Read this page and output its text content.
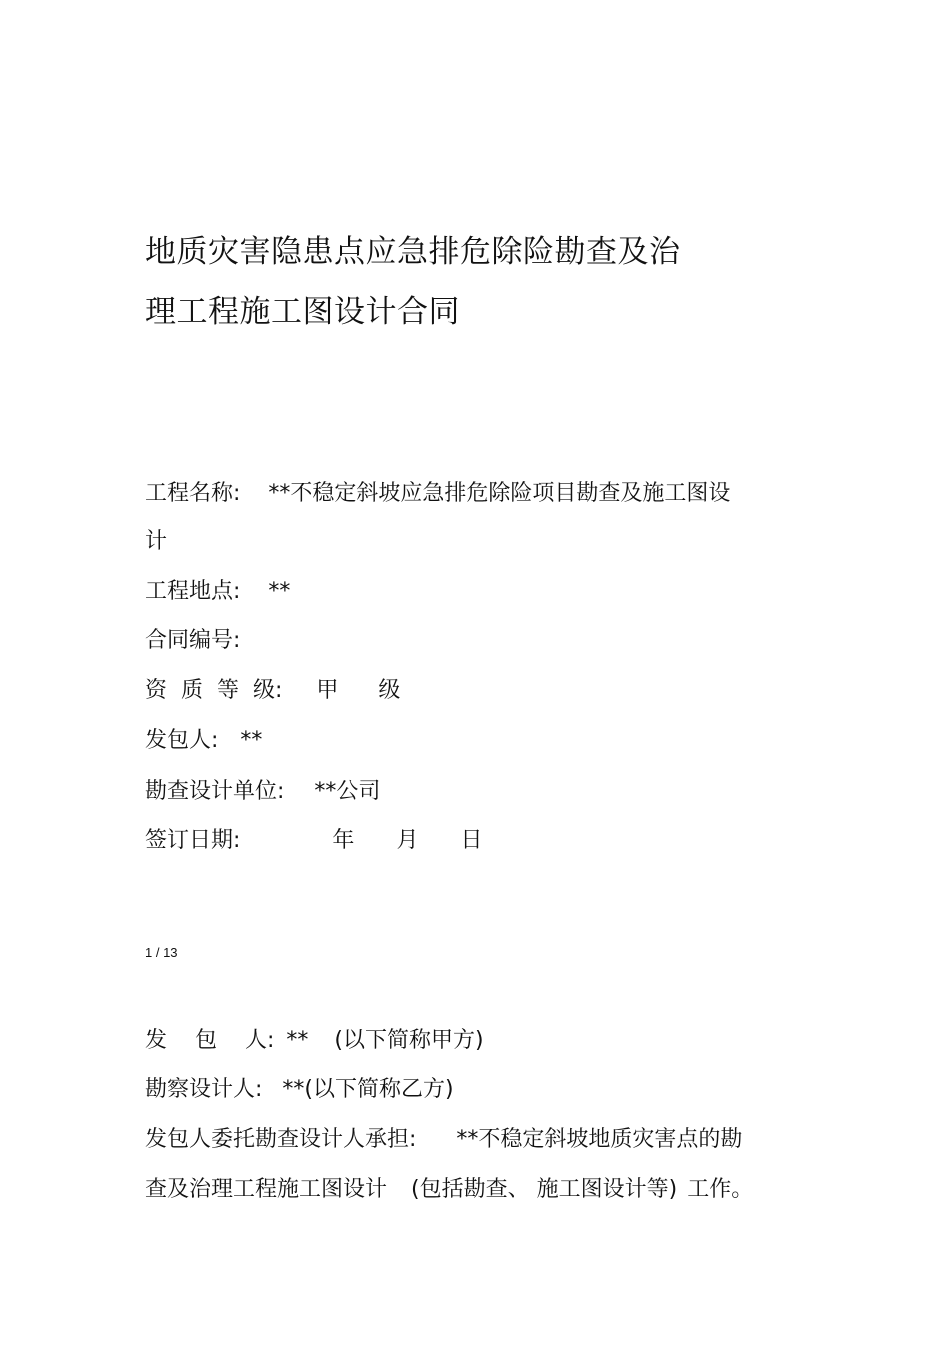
地质灾害隐患点应急排危除险勘查及治
理工程施工图设计合同
工程名称: **不稳定斜坡应急排危除险项目勘查及施工图设
计
工程地点: **
合同编号:
资  质  等  级: 甲 级
发包人: **
勘查设计单位: **公司
签订日期:	年 月 日
1 / 13
发    包    人: ** (以下简称甲方)
勘察设计人: **(以下简称乙方)
发包人委托勘查设计人承担: **不稳定斜坡地质灾害点的勘
查及治理工程施工图设计 (包括勘查、 施工图设计等) 工作。
